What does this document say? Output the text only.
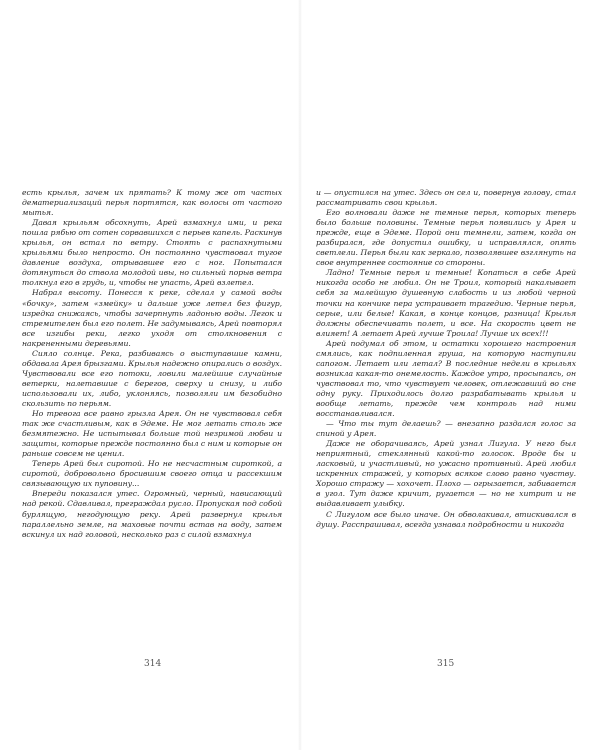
есть крылья, зачем их прятать? К тому же от частых дематериализаций перья портятся, как волосы от частого мытья.

Давая крыльям обсохнуть, Арей взмахнул ими, и река пошла рябью от сотен сорвавшихся с перьев капель. Раскинув крылья, он встал по ветру. Стоять с распахнутыми крыльями было непросто. Он постоянно чувствовал тугое давление воздуха, отрывавшее его с ног. Попытался дотянуться до ствола молодой ивы, но сильный порыв ветра толкнул его в грудь, и, чтобы не упасть, Арей взлетел.

Набрал высоту. Понесся к реке, сделал у самой воды «бочку», затем «змейку» и дальше уже летел без фигур, изредка снижаясь, чтобы зачерпнуть ладонью воды. Легок и стремителен был его полет. Не задумываясь, Арей повторял все изгибы реки, легко уходя от столкновения с накрененными деревьями.

Сияло солнце. Река, разбиваясь о выступавшие камни, обдавала Арея брызгами. Крылья надежно опирались о воздух. Чувствовали все его потоки, ловили малейшие случайные ветерки, налетавшие с берегов, сверху и снизу, и либо использовали их, либо, уклоняясь, позволяли им безобидно скользить по перьям.

Но тревога все равно грызла Арея. Он не чувствовал себя так же счастливым, как в Эдеме. Не мог летать столь же безмятежно. Не испытывал больше той незримой любви и защиты, которые прежде постоянно был с ним и которые он раньше совсем не ценил.

Теперь Арей был сиротой. Но не несчастным сироткой, а сиротой, добровольно бросившим своего отца и рассекшим связывающую их пуповину...

Впереди показался утес. Огромный, черный, нависающий над рекой. Сдавливал, преграждал русло. Пропуская под собой бурлящую, негодующую реку. Арей развернул крылья параллельно земле, на маховые почти встав на воду, затем вскинул их над головой, несколько раз с силой взмахнул

314

и — опустился на утес. Здесь он сел и, повернув голову, стал рассматривать свои крылья.

Его волновали даже не темные перья, которых теперь было больше половины. Темные перья появились у Арея и прежде, еще в Эдеме. Порой они темнели, затем, когда он разбирался, где допустил ошибку, и исправлялся, опять светлели. Перья были как зеркало, позволявшее взглянуть на свое внутреннее состояние со стороны.

Ладно! Темные перья и темные! Копаться в себе Арей никогда особо не любил. Он не Троил, который накалывает себя за малейшую душевную слабость и из любой черной точки на кончике пера устраивает трагедию. Черные перья, серые, или белые! Какая, в конце концов, разница! Крылья должны обеспечивать полет, и все. На скорость цвет не влияет! А летает Арей лучше Троила! Лучше их всех!!!

Арей подумал об этом, и остатки хорошего настроения смялись, как подпиленная груша, на которую наступили сапогом. Летает или летал? В последние недели в крыльях возникла какая-то онемелость. Каждое утро, просыпаясь, он чувствовал то, что чувствует человек, отлежавший во сне одну руку. Приходилось долго разрабатывать крылья и вообще летать, прежде чем контроль над ними восстанавливался.

— Что ты тут делаешь? — внезапно раздался голос за спиной у Арея.

Даже не оборачиваясь, Арей узнал Лигула. У него был неприятный, стеклянный какой-то голосок. Вроде бы и ласковый, и участливый, но ужасно противный. Арей любил искренних стражей, у которых всякое слово равно чувству. Хорошо стражу — хохочет. Плохо — огрызается, забивается в угол. Тут даже кричит, ругается — но не хитрит и не выдавливает улыбку.

С Лигулом все было иначе. Он обволакивал, втискивался в душу. Расспрашивал, всегда узнавал подробности и никогда

315
